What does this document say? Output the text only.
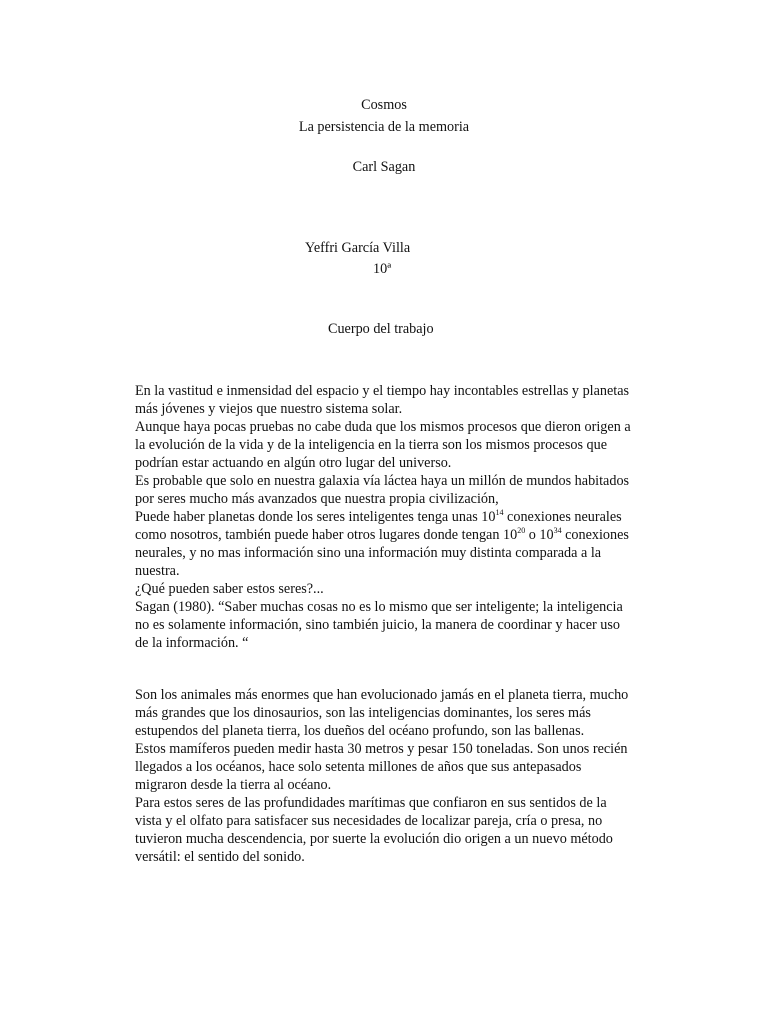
Cosmos

La persistencia de la memoria

Carl Sagan

Yeffri García Villa

10ª

Cuerpo del trabajo

En la vastitud e inmensidad del espacio y el tiempo hay incontables estrellas y planetas más jóvenes y viejos que nuestro sistema solar.

Aunque haya pocas pruebas no cabe duda que los mismos procesos que dieron origen a la evolución de la vida y de la inteligencia en la tierra son los mismos procesos que podrían estar actuando en algún otro lugar del universo.

Es probable que solo en nuestra galaxia vía láctea haya un millón de mundos habitados por seres mucho más avanzados que nuestra propia civilización,

Puede haber planetas donde los seres inteligentes tenga unas $10^{14}$ conexiones neurales como nosotros, también puede haber otros lugares donde tengan $10^{20}$ o $10^{34}$ conexiones neurales, y no mas información sino una información muy distinta comparada a la nuestra.

¿Qué pueden saber estos seres?...

Sagan (1980). “Saber muchas cosas no es lo mismo que ser inteligente; la inteligencia no es solamente información, sino también juicio, la manera de coordinar y hacer uso de la información. “

Son los animales más enormes que han evolucionado jamás en el planeta tierra, mucho más grandes que los dinosaurios, son las inteligencias dominantes, los seres más estupendos del planeta tierra, los dueños del océano profundo, son las ballenas.

Estos mamíferos pueden medir hasta 30 metros y pesar 150 toneladas. Son unos recién llegados a los océanos, hace solo setenta millones de años que sus antepasados migraron desde la tierra al océano.

Para estos seres de las profundidades marítimas que confiaron en sus sentidos de la vista y el olfato para satisfacer sus necesidades de localizar pareja, cría o presa, no tuvieron mucha descendencia, por suerte la evolución dio origen a un nuevo método versátil: el sentido del sonido.
